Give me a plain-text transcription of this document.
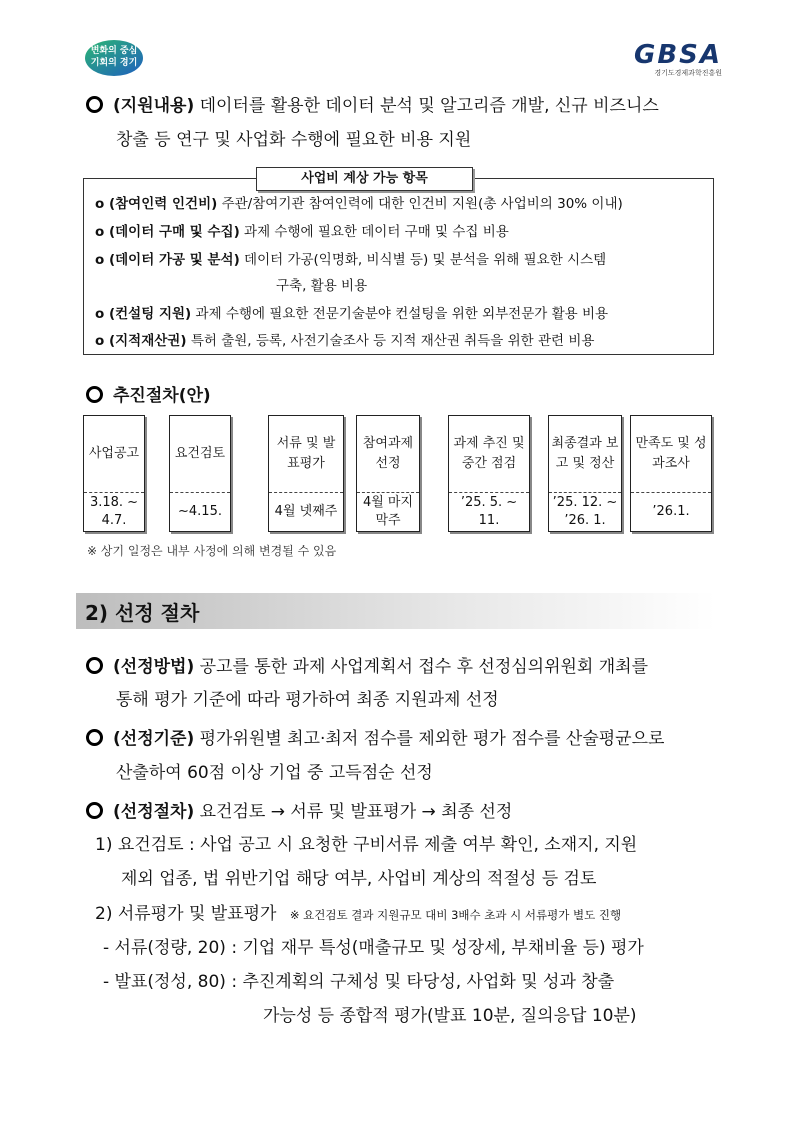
변화의 중심
기회의 경기	GBSA
경기도경제과학진흥원
(지원내용) 데이터를 활용한 데이터 분석 및 알고리즘 개발, 신규 비즈니스
창출 등 연구 및 사업화 수행에 필요한 비용 지원
사업비 계상 가능 항목
o (참여인력 인건비) 주관/참여기관 참여인력에 대한 인건비 지원(총 사업비의 30% 이내)
o (데이터 구매 및 수집) 과제 수행에 필요한 데이터 구매 및 수집 비용
o (데이터 가공 및 분석) 데이터 가공(익명화, 비식별 등) 및 분석을 위해 필요한 시스템
구축, 활용 비용
o (컨설팅 지원) 과제 수행에 필요한 전문기술분야 컨설팅을 위한 외부전문가 활용 비용
o (지적재산권) 특허 출원, 등록, 사전기술조사 등 지적 재산권 취득을 위한 관련 비용
추진절차(안)
사업공고
3.18. ~ 4.7.
요건검토
~4.15.
서류 및 발표평가
4월 넷째주
참여과제 선정
4월 마지막주
과제 추진 및 중간 점검
’25. 5. ~ 11.
최종결과 보고 및 정산
’25. 12. ~ ’26. 1.
만족도 및 성과조사
’26.1.
※ 상기 일정은 내부 사정에 의해 변경될 수 있음
2) 선정 절차
(선정방법) 공고를 통한 과제 사업계획서 접수 후 선정심의위원회 개최를
통해 평가 기준에 따라 평가하여 최종 지원과제 선정
(선정기준) 평가위원별 최고·최저 점수를 제외한 평가 점수를 산술평균으로
산출하여 60점 이상 기업 중 고득점순 선정
(선정절차) 요건검토 → 서류 및 발표평가 → 최종 선정
1) 요건검토 : 사업 공고 시 요청한 구비서류 제출 여부 확인, 소재지, 지원
제외 업종, 법 위반기업 해당 여부, 사업비 계상의 적절성 등 검토
2) 서류평가 및 발표평가 ※ 요건검토 결과 지원규모 대비 3배수 초과 시 서류평가 별도 진행
- 서류(정량, 20) : 기업 재무 특성(매출규모 및 성장세, 부채비율 등) 평가
- 발표(정성, 80) : 추진계획의 구체성 및 타당성, 사업화 및 성과 창출
가능성 등 종합적 평가(발표 10분, 질의응답 10분)
